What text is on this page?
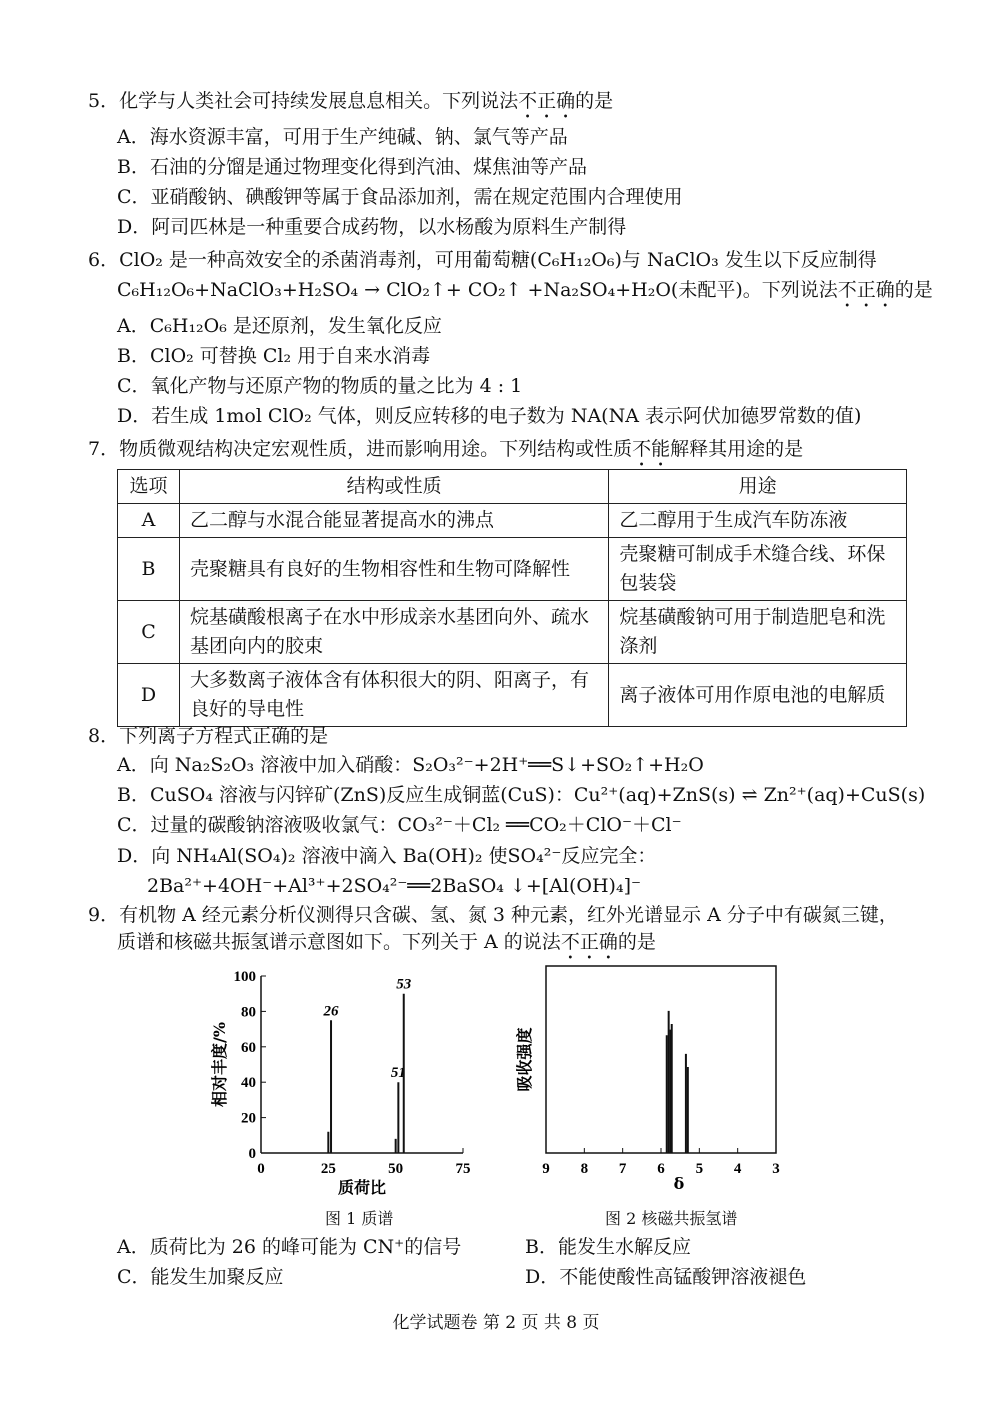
5．化学与人类社会可持续发展息息相关。下列说法不正确的是
A．海水资源丰富，可用于生产纯碱、钠、氯气等产品
B．石油的分馏是通过物理变化得到汽油、煤焦油等产品
C．亚硝酸钠、碘酸钾等属于食品添加剂，需在规定范围内合理使用
D．阿司匹林是一种重要合成药物，以水杨酸为原料生产制得
6．ClO₂ 是一种高效安全的杀菌消毒剂，可用葡萄糖(C₆H₁₂O₆)与 NaClO₃ 发生以下反应制得
C₆H₁₂O₆+NaClO₃+H₂SO₄ → ClO₂↑+ CO₂↑ +Na₂SO₄+H₂O(未配平)。下列说法不正确的是
A．C₆H₁₂O₆ 是还原剂，发生氧化反应
B．ClO₂ 可替换 Cl₂ 用于自来水消毒
C．氧化产物与还原产物的物质的量之比为 4 : 1
D．若生成 1mol ClO₂ 气体，则反应转移的电子数为 NA(NA 表示阿伏加德罗常数的值)
7．物质微观结构决定宏观性质，进而影响用途。下列结构或性质不能解释其用途的是
选项	结构或性质	用途
A	乙二醇与水混合能显著提高水的沸点	乙二醇用于生成汽车防冻液
B	壳聚糖具有良好的生物相容性和生物可降解性	壳聚糖可制成手术缝合线、环保包装袋
C	烷基磺酸根离子在水中形成亲水基团向外、疏水基团向内的胶束	烷基磺酸钠可用于制造肥皂和洗涤剂
D	大多数离子液体含有体积很大的阴、阳离子，有良好的导电性	离子液体可用作原电池的电解质
8．下列离子方程式正确的是
A．向 Na₂S₂O₃ 溶液中加入硝酸：S₂O₃²⁻+2H⁺══S↓+SO₂↑+H₂O
B．CuSO₄ 溶液与闪锌矿(ZnS)反应生成铜蓝(CuS)：Cu²⁺(aq)+ZnS(s) ⇌ Zn²⁺(aq)+CuS(s)
C．过量的碳酸钠溶液吸收氯气：CO₃²⁻＋Cl₂ ══CO₂＋ClO⁻＋Cl⁻
D．向 NH₄Al(SO₄)₂ 溶液中滴入 Ba(OH)₂ 使SO₄²⁻反应完全：
2Ba²⁺+4OH⁻+Al³⁺+2SO₄²⁻══2BaSO₄ ↓+[Al(OH)₄]⁻
9．有机物 A 经元素分析仪测得只含碳、氢、氮 3 种元素，红外光谱显示 A 分子中有碳氮三键，
质谱和核磁共振氢谱示意图如下。下列关于 A 的说法不正确的是
0
20
40
60
80
100
0	25	50	75
26
51
53
质荷比
相对丰度/%
图 1 质谱
9 8 7 6 5 4 3
δ
吸收强度
图 2 核磁共振氢谱
A．质荷比为 26 的峰可能为 CN⁺的信号	B．能发生水解反应
C．能发生加聚反应	D．不能使酸性高锰酸钾溶液褪色
化学试题卷 第 2 页 共 8 页
